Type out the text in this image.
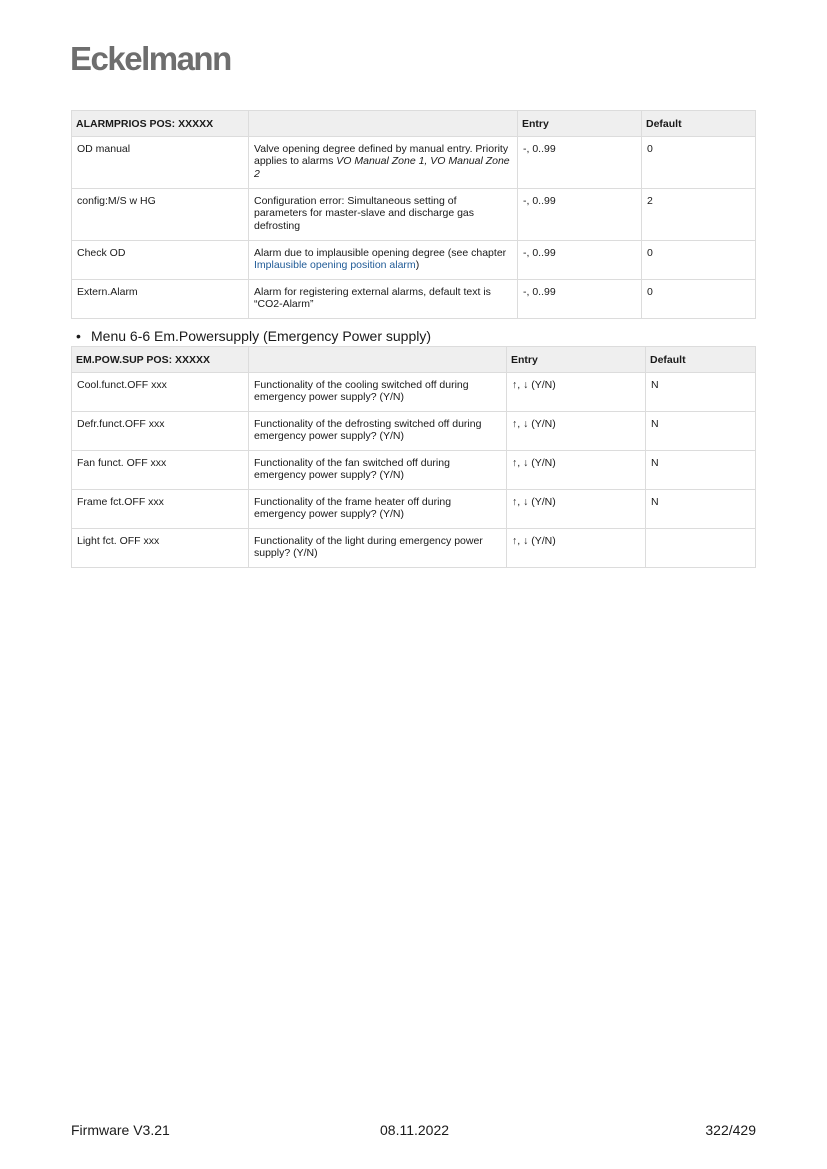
Eckelmann
ALARMPRIOS POS: XXXXX		Entry	Default
OD manual	Valve opening degree defined by manual entry. Priority applies to alarms VO Manual Zone 1, VO Manual Zone 2	-, 0..99	0
config:M/S w HG	Configuration error: Simultaneous setting of parameters for master-slave and discharge gas defrosting	-, 0..99	2
Check OD	Alarm due to implausible opening degree (see chapter Implausible opening position alarm)	-, 0..99	0
Extern.Alarm	Alarm for registering external alarms, default text is “CO2-Alarm”	-, 0..99	0
• Menu 6-6 Em.Powersupply (Emergency Power supply)
EM.POW.SUP POS: XXXXX		Entry	Default
Cool.funct.OFF xxx	Functionality of the cooling switched off during emergency power supply? (Y/N)	↑, ↓ (Y/N)	N
Defr.funct.OFF xxx	Functionality of the defrosting switched off during emergency power supply? (Y/N)	↑, ↓ (Y/N)	N
Fan funct. OFF xxx	Functionality of the fan switched off during emergency power supply? (Y/N)	↑, ↓ (Y/N)	N
Frame fct.OFF xxx	Functionality of the frame heater off during emergency power supply? (Y/N)	↑, ↓ (Y/N)	N
Light fct. OFF xxx	Functionality of the light during emergency power supply? (Y/N)	↑, ↓ (Y/N)	
Firmware V3.21	08.11.2022	322/429
